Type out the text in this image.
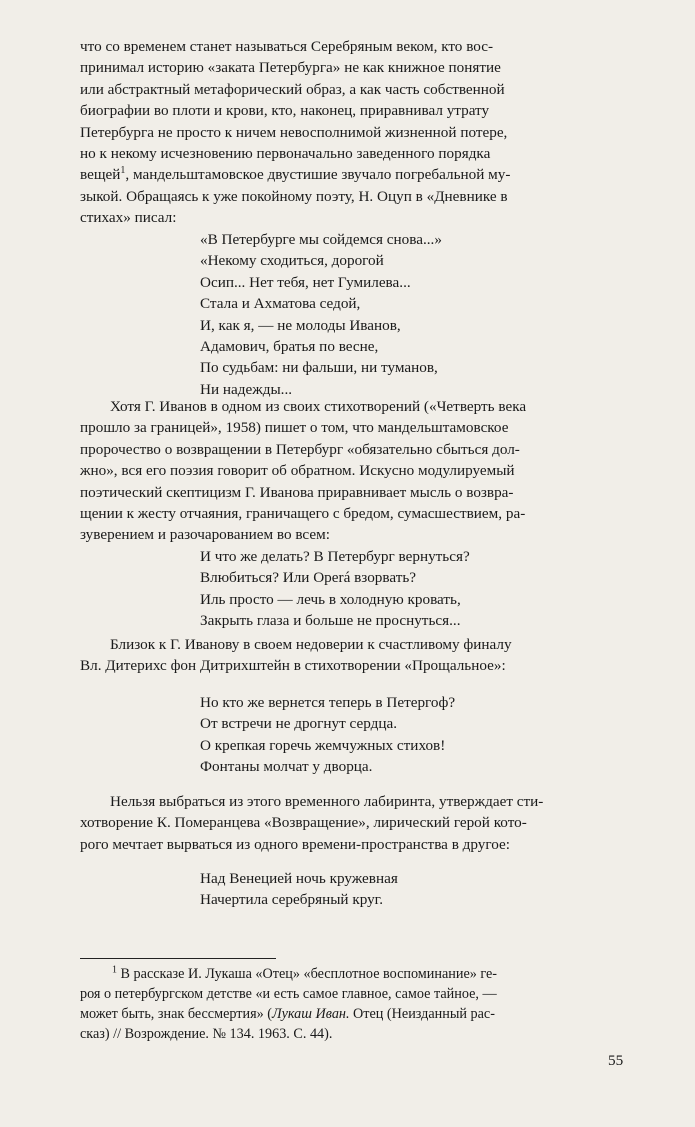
что со временем станет называться Серебряным веком, кто вос-

принимал историю «заката Петербурга» не как книжное понятие

или абстрактный метафорический образ, а как часть собственной

биографии во плоти и крови, кто, наконец, приравнивал утрату

Петербурга не просто к ничем невосполнимой жизненной потере,

но к некому исчезновению первоначально заведенного порядка

вещей$^1$, мандельштамовское двустишие звучало погребальной му-

зыкой. Обращаясь к уже покойному поэту, Н. Оцуп в «Дневнике в

стихах» писал:

«В Петербурге мы сойдемся снова...»
«Некому сходиться, дорогой
Осип... Нет тебя, нет Гумилева...
Стала и Ахматова седой,
И, как я, — не молоды Иванов,
Адамович, братья по весне,
По судьбам: ни фальши, ни туманов,
Ни надежды...

Хотя Г. Иванов в одном из своих стихотворений («Четверть века

прошло за границей», 1958) пишет о том, что мандельштамовское

пророчество о возвращении в Петербург «обязательно сбыться дол-

жно», вся его поэзия говорит об обратном. Искусно модулируемый

поэтический скептицизм Г. Иванова приравнивает мысль о возвра-

щении к жесту отчаяния, граничащего с бредом, сумасшествием, ра-

зуверением и разочарованием во всем:

И что же делать? В Петербург вернуться?
Влюбиться? Или Operá взорвать?
Иль просто — лечь в холодную кровать,
Закрыть глаза и больше не проснуться...

Близок к Г. Иванову в своем недоверии к счастливому финалу

Вл. Дитерихс фон Дитрихштейн в стихотворении «Прощальное»:

Но кто же вернется теперь в Петергоф?
От встречи не дрогнут сердца.
О крепкая горечь жемчужных стихов!
Фонтаны молчат у дворца.

Нельзя выбраться из этого временного лабиринта, утверждает сти-

хотворение К. Померанцева «Возвращение», лирический герой кото-

рого мечтает вырваться из одного времени-пространства в другое:

Над Венецией ночь кружевная
Начертила серебряный круг.

$^1$ В рассказе И. Лукаша «Отец» «бесплотное воспоминание» ге-

роя о петербургском детстве «и есть самое главное, самое тайное, —

может быть, знак бессмертия» (Лукаш Иван. Отец (Неизданный рас-

сказ) // Возрождение. № 134. 1963. С. 44).

55
